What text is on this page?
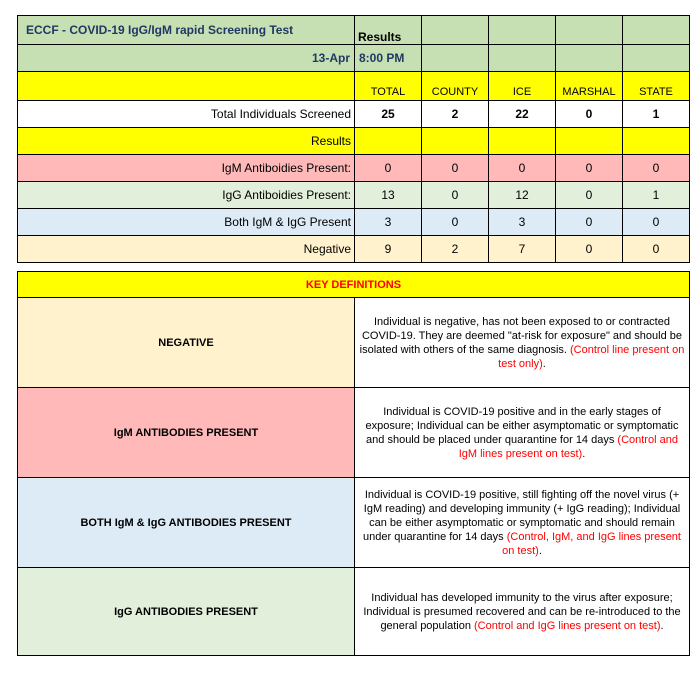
ECCF - COVID-19 IgG/IgM rapid Screening Test	Results				
13-Apr	8:00 PM				
	TOTAL	COUNTY	ICE	MARSHAL	STATE
Total Individuals Screened	25	2	22	0	1
Results					
IgM Antiboidies Present:	0	0	0	0	0
IgG Antiboidies Present:	13	0	12	0	1
Both IgM & IgG Present	3	0	3	0	0
Negative	9	2	7	0	0
KEY DEFINITIONS	
NEGATIVE	Individual is negative, has not been exposed to or contracted COVID-19. They are deemed "at-risk for exposure" and should be isolated with others of the same diagnosis. (Control line present on test only).
IgM ANTIBODIES PRESENT	Individual is COVID-19 positive and in the early stages of exposure; Individual can be either asymptomatic or symptomatic and should be placed under quarantine for 14 days (Control and IgM lines present on test).
BOTH IgM & IgG ANTIBODIES PRESENT	Individual is COVID-19 positive, still fighting off the novel virus (+ IgM reading) and developing immunity (+ IgG reading); Individual can be either asymptomatic or symptomatic and should remain under quarantine for 14 days (Control, IgM, and IgG lines present on test).
IgG ANTIBODIES PRESENT	Individual has developed immunity to the virus after exposure; Individual is presumed recovered and can be re-introduced to the general population (Control and IgG lines present on test).
